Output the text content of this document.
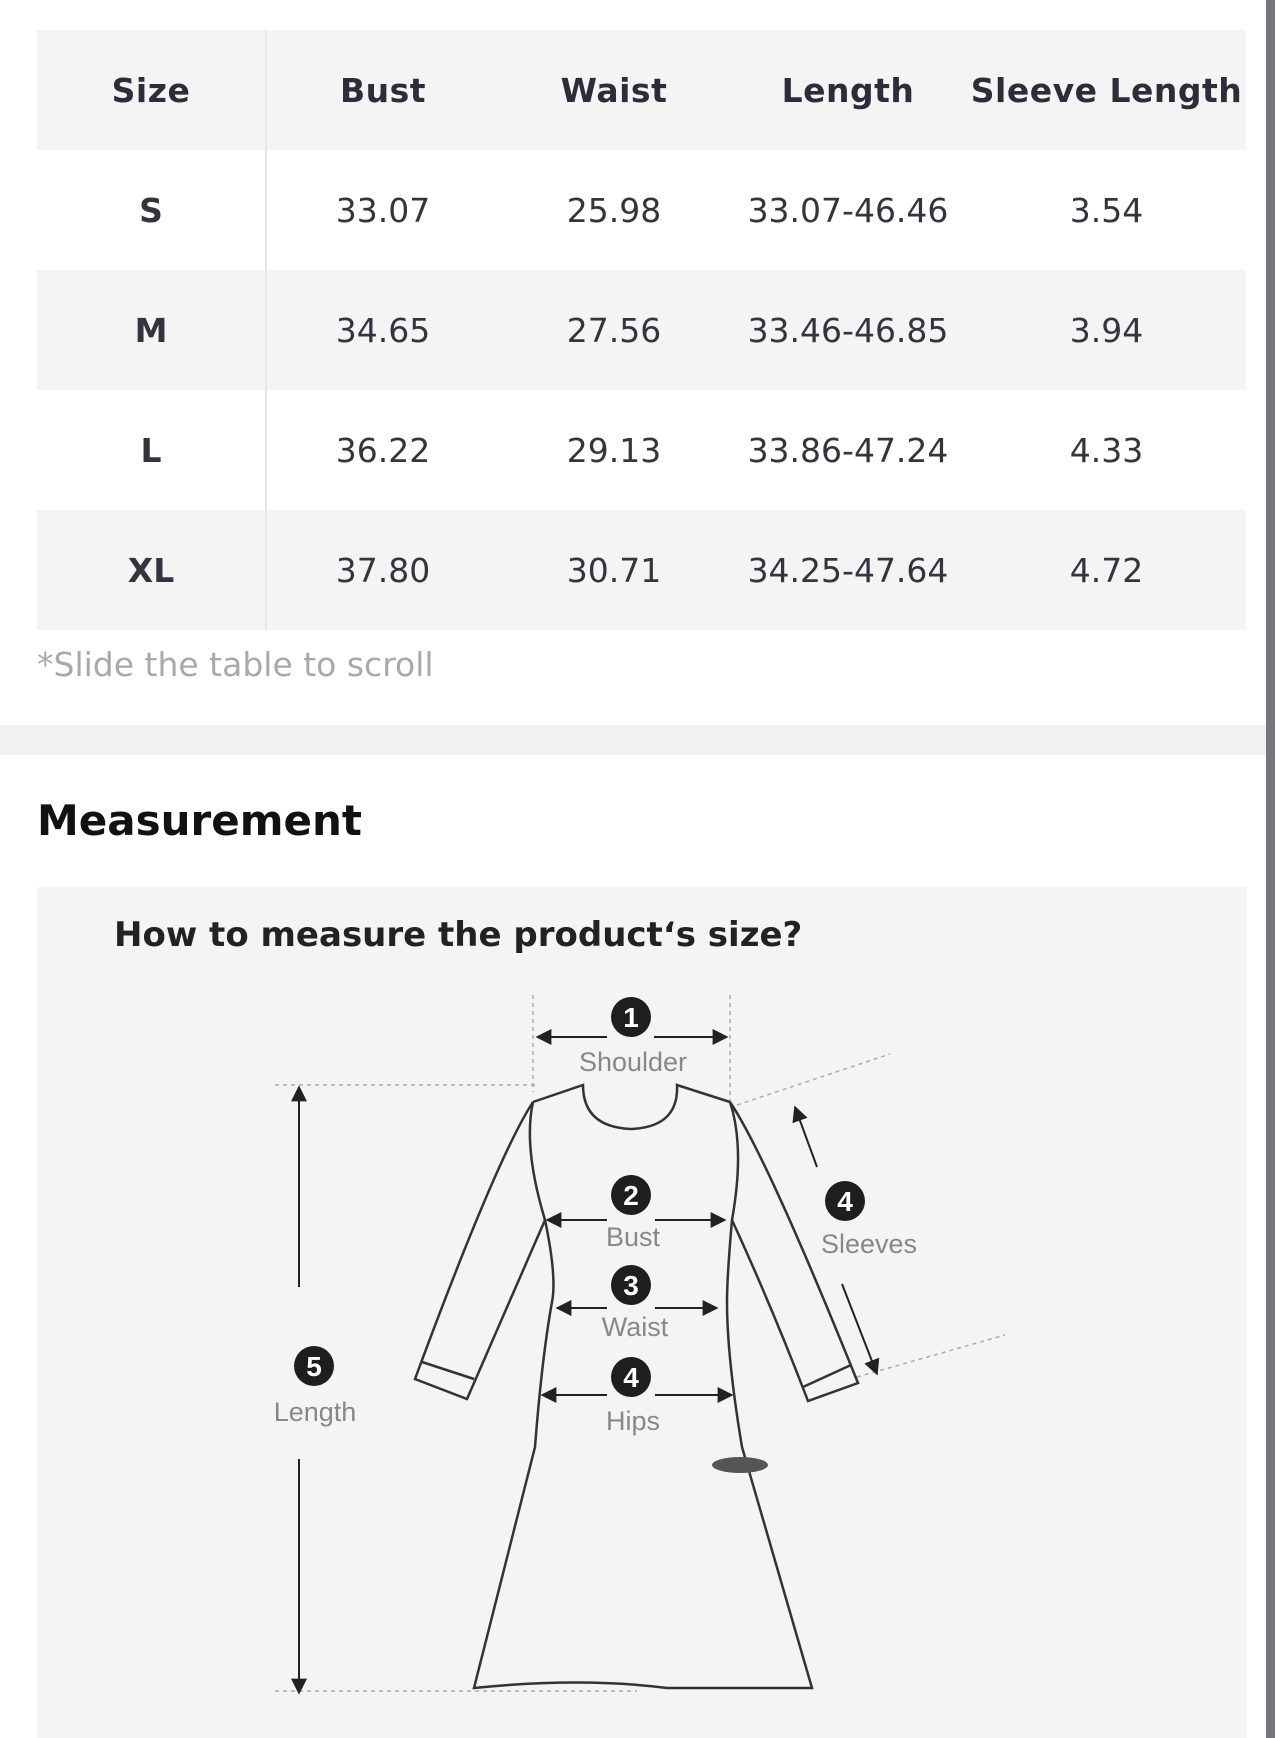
Size	Bust	Waist	Length	Sleeve Length
S	33.07	25.98	33.07-46.46	3.54
M	34.65	27.56	33.46-46.85	3.94
L	36.22	29.13	33.86-47.24	4.33
XL	37.80	30.71	34.25-47.64	4.72
*Slide the table to scroll
Measurement
How to measure the product‘s size?
1
Shoulder
2
Bust
3
Waist
4
Hips
4
Sleeves
5
Length
